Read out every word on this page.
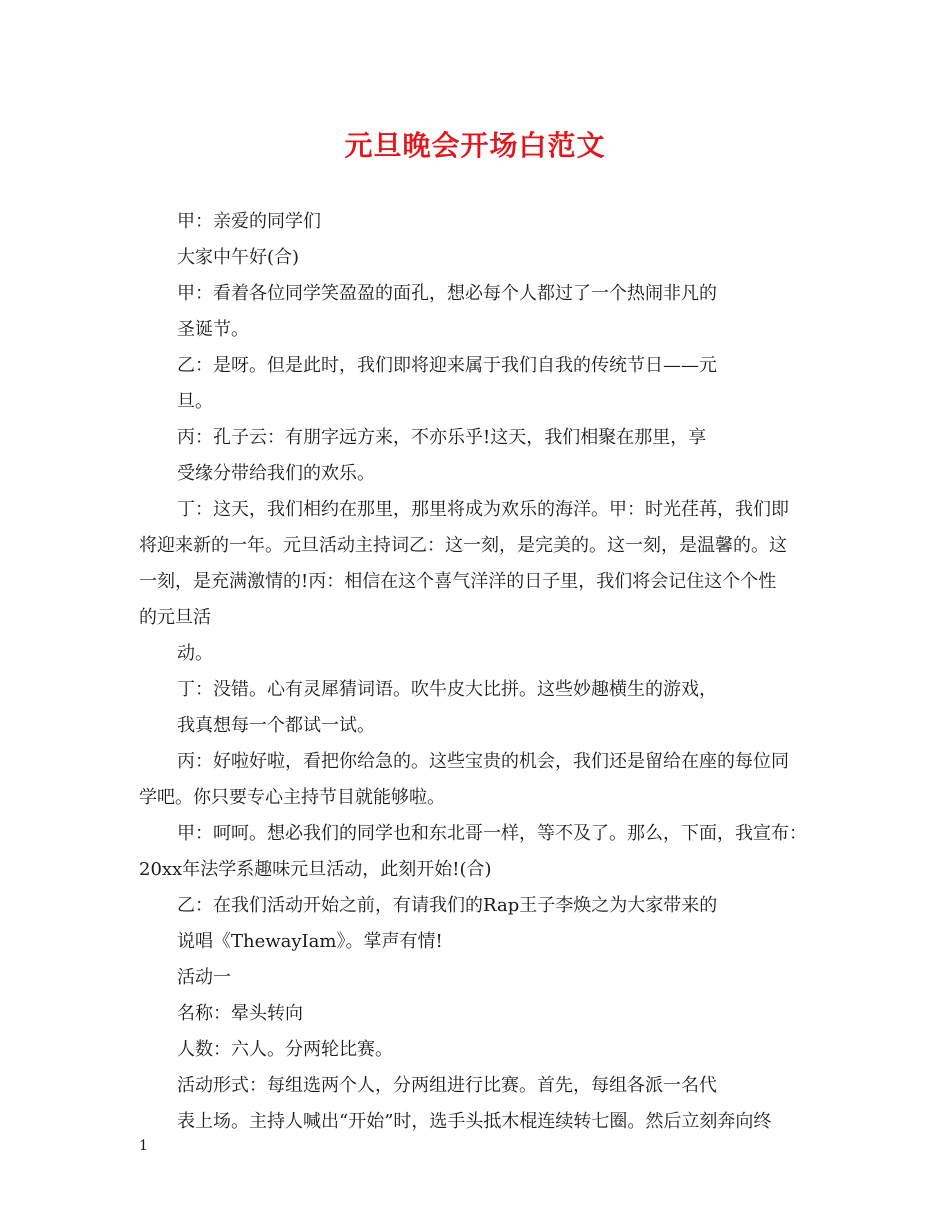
元旦晚会开场白范文
甲：亲爱的同学们
大家中午好(合)
甲：看着各位同学笑盈盈的面孔，想必每个人都过了一个热闹非凡的
圣诞节。
乙：是呀。但是此时，我们即将迎来属于我们自我的传统节日——元
旦。
丙：孔子云：有朋字远方来，不亦乐乎!这天，我们相聚在那里，享
受缘分带给我们的欢乐。
丁：这天，我们相约在那里，那里将成为欢乐的海洋。甲：时光荏苒，我们即
将迎来新的一年。元旦活动主持词乙：这一刻，是完美的。这一刻，是温馨的。这
一刻，是充满激情的!丙：相信在这个喜气洋洋的日子里，我们将会记住这个个性
的元旦活
动。
丁：没错。心有灵犀猜词语。吹牛皮大比拼。这些妙趣横生的游戏，
我真想每一个都试一试。
丙：好啦好啦，看把你给急的。这些宝贵的机会，我们还是留给在座的每位同
学吧。你只要专心主持节目就能够啦。
甲：呵呵。想必我们的同学也和东北哥一样，等不及了。那么，下面，我宣布：
20xx年法学系趣味元旦活动，此刻开始!(合)
乙：在我们活动开始之前，有请我们的Rap王子李焕之为大家带来的
说唱《ThewayIam》。掌声有情!
活动一
名称：晕头转向
人数：六人。分两轮比赛。
活动形式：每组选两个人，分两组进行比赛。首先，每组各派一名代
表上场。主持人喊出“开始”时，选手头抵木棍连续转七圈。然后立刻奔向终
1
